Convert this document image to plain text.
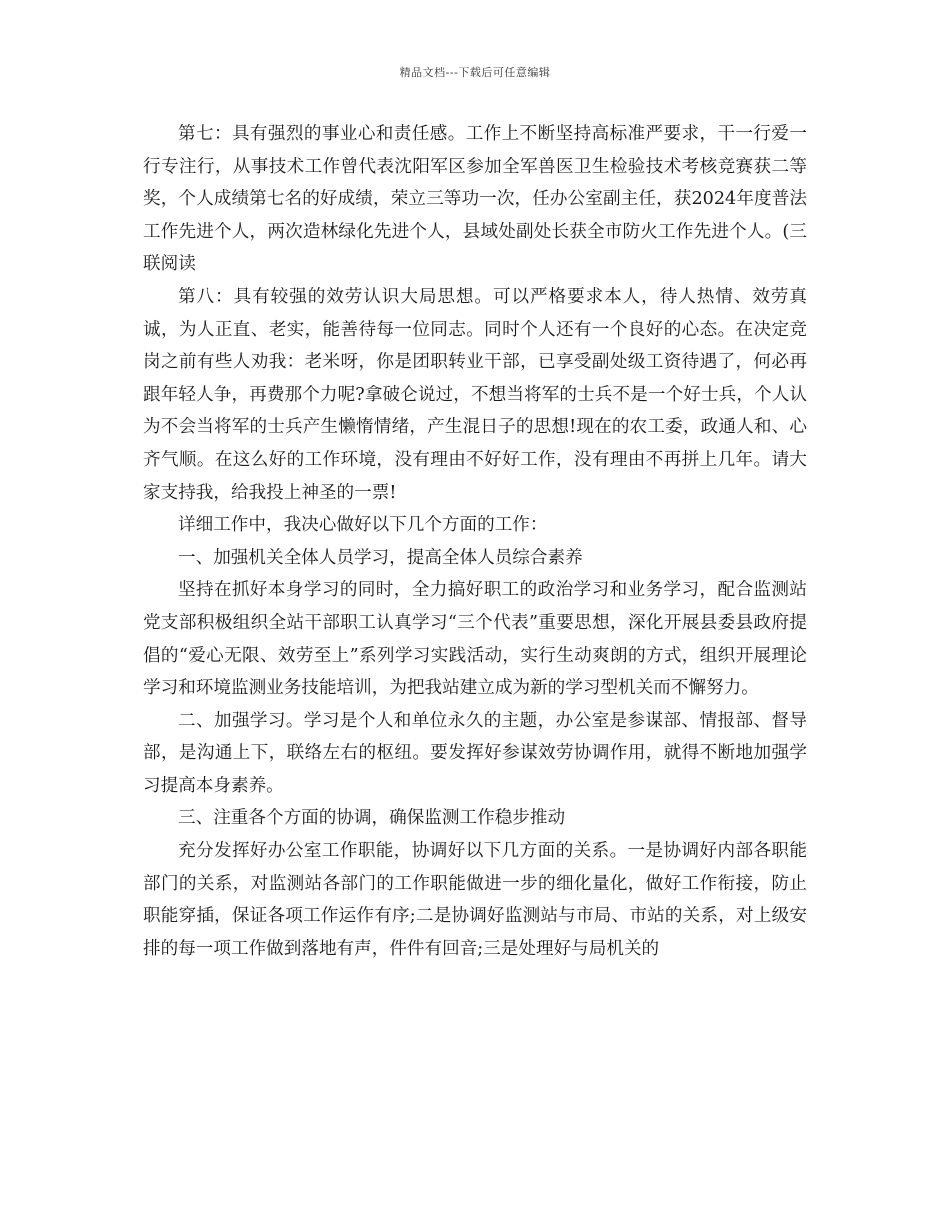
精品文档---下载后可任意编辑

第七：具有强烈的事业心和责任感。工作上不断坚持高标准严要求，干一行爱一行专注行，从事技术工作曾代表沈阳军区参加全军兽医卫生检验技术考核竞赛获二等奖，个人成绩第七名的好成绩，荣立三等功一次，任办公室副主任，获2024年度普法工作先进个人，两次造林绿化先进个人，县域处副处长获全市防火工作先进个人。(三联阅读

第八：具有较强的效劳认识大局思想。可以严格要求本人，待人热情、效劳真诚，为人正直、老实，能善待每一位同志。同时个人还有一个良好的心态。在决定竞岗之前有些人劝我：老米呀，你是团职转业干部，已享受副处级工资待遇了，何必再跟年轻人争，再费那个力呢?拿破仑说过，不想当将军的士兵不是一个好士兵，个人认为不会当将军的士兵产生懒惰情绪，产生混日子的思想!现在的农工委，政通人和、心齐气顺。在这么好的工作环境，没有理由不好好工作，没有理由不再拼上几年。请大家支持我，给我投上神圣的一票!

详细工作中，我决心做好以下几个方面的工作：

一、加强机关全体人员学习，提高全体人员综合素养

坚持在抓好本身学习的同时，全力搞好职工的政治学习和业务学习，配合监测站党支部积极组织全站干部职工认真学习“三个代表”重要思想，深化开展县委县政府提倡的“爱心无限、效劳至上”系列学习实践活动，实行生动爽朗的方式，组织开展理论学习和环境监测业务技能培训，为把我站建立成为新的学习型机关而不懈努力。

二、加强学习。学习是个人和单位永久的主题，办公室是参谋部、情报部、督导部，是沟通上下，联络左右的枢纽。要发挥好参谋效劳协调作用，就得不断地加强学习提高本身素养。

三、注重各个方面的协调，确保监测工作稳步推动

充分发挥好办公室工作职能，协调好以下几方面的关系。一是协调好内部各职能部门的关系，对监测站各部门的工作职能做进一步的细化量化，做好工作衔接，防止职能穿插，保证各项工作运作有序;二是协调好监测站与市局、市站的关系，对上级安排的每一项工作做到落地有声，件件有回音;三是处理好与局机关的
